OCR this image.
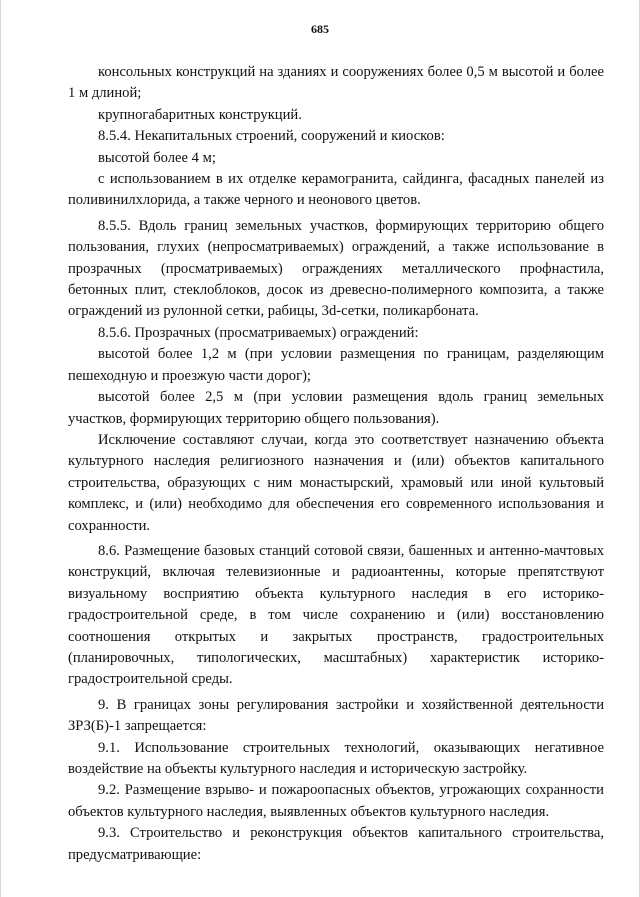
685

консольных конструкций на зданиях и сооружениях более 0,5 м высотой и более 1 м длиной;

крупногабаритных конструкций.

8.5.4. Некапитальных строений, сооружений и киосков:

высотой более 4 м;

с использованием в их отделке керамогранита, сайдинга, фасадных панелей из поливинилхлорида, а также черного и неонового цветов.

8.5.5. Вдоль границ земельных участков, формирующих территорию общего пользования, глухих (непросматриваемых) ограждений, а также использование в прозрачных (просматриваемых) ограждениях металлического профнастила, бетонных плит, стеклоблоков, досок из древесно-полимерного композита, а также ограждений из рулонной сетки, рабицы, 3d-сетки, поликарбоната.

8.5.6. Прозрачных (просматриваемых) ограждений:

высотой более 1,2 м (при условии размещения по границам, разделяющим пешеходную и проезжую части дорог);

высотой более 2,5 м (при условии размещения вдоль границ земельных участков, формирующих территорию общего пользования).

Исключение составляют случаи, когда это соответствует назначению объекта культурного наследия религиозного назначения и (или) объектов капитального строительства, образующих с ним монастырский, храмовый или иной культовый комплекс, и (или) необходимо для обеспечения его современного использования и сохранности.

8.6. Размещение базовых станций сотовой связи, башенных и антенно-мачтовых конструкций, включая телевизионные и радиоантенны, которые препятствуют визуальному восприятию объекта культурного наследия в его историко-градостроительной среде, в том числе сохранению и (или) восстановлению соотношения открытых и закрытых пространств, градостроительных (планировочных, типологических, масштабных) характеристик историко-градостроительной среды.

9. В границах зоны регулирования застройки и хозяйственной деятельности ЗРЗ(Б)-1 запрещается:

9.1. Использование строительных технологий, оказывающих негативное воздействие на объекты культурного наследия и историческую застройку.

9.2. Размещение взрыво- и пожароопасных объектов, угрожающих сохранности объектов культурного наследия, выявленных объектов культурного наследия.

9.3. Строительство и реконструкция объектов капитального строительства, предусматривающие:
